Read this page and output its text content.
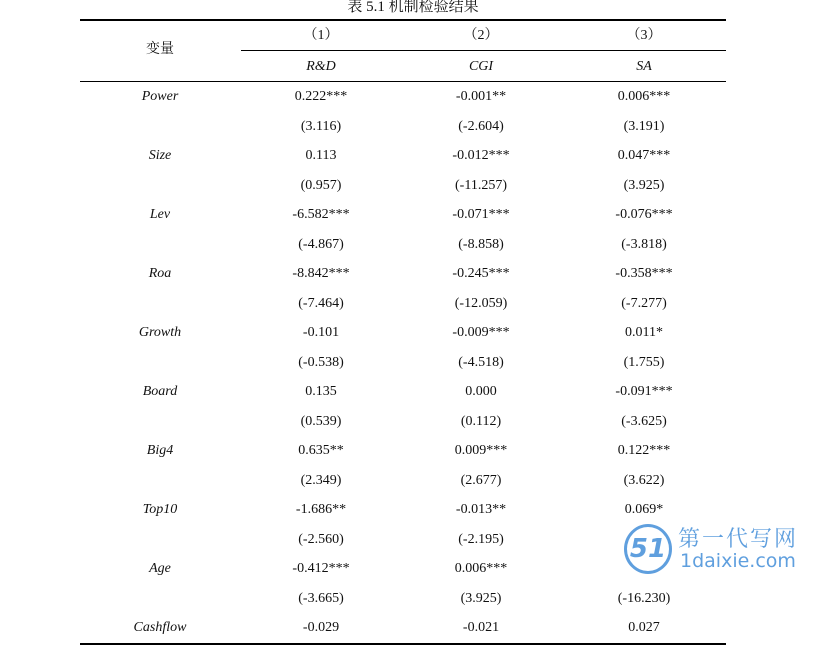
表 5.1 机制检验结果
变量
（1）	（2）	（3）
R&D	CGI	SA
Power	0.222***	-0.001**	0.006***
(3.116)	(-2.604)	(3.191)
Size	0.113	-0.012***	0.047***
(0.957)	(-11.257)	(3.925)
Lev	-6.582***	-0.071***	-0.076***
(-4.867)	(-8.858)	(-3.818)
Roa	-8.842***	-0.245***	-0.358***
(-7.464)	(-12.059)	(-7.277)
Growth	-0.101	-0.009***	0.011*
(-0.538)	(-4.518)	(1.755)
Board	0.135	0.000	-0.091***
(0.539)	(0.112)	(-3.625)
Big4	0.635**	0.009***	0.122***
(2.349)	(2.677)	(3.622)
Top10	-1.686**	-0.013**	0.069*
(-2.560)	(-2.195)
Age	-0.412***	0.006***
(-3.665)	(3.925)	(-16.230)
Cashflow	-0.029	-0.021	0.027
51 第一代写网
1daixie.com
